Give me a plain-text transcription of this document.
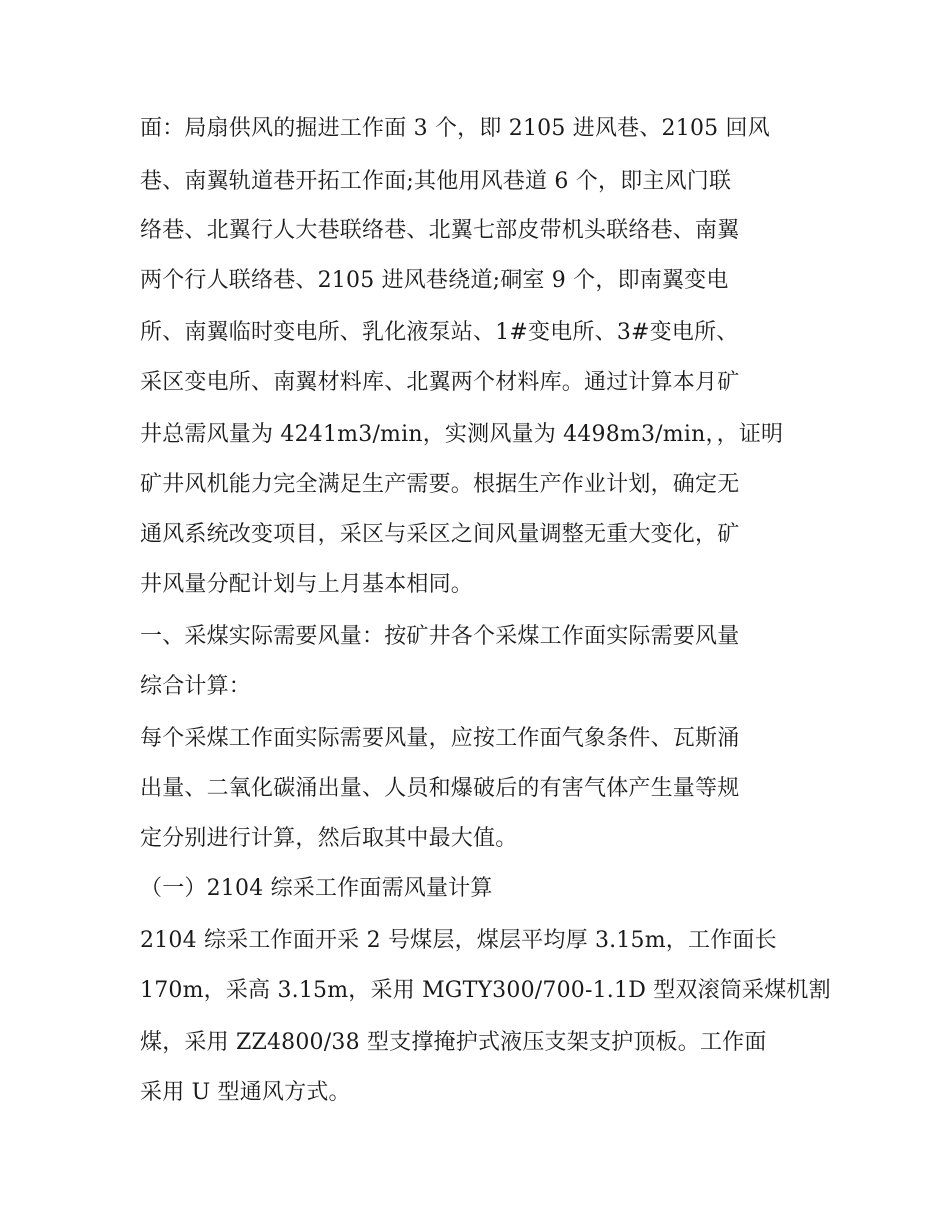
面：局扇供风的掘进工作面 3 个，即 2105 进风巷、2105 回风
巷、南翼轨道巷开拓工作面;其他用风巷道 6 个，即主风门联
络巷、北翼行人大巷联络巷、北翼七部皮带机头联络巷、南翼
两个行人联络巷、2105 进风巷绕道;硐室 9 个，即南翼变电
所、南翼临时变电所、乳化液泵站、1#变电所、3#变电所、
采区变电所、南翼材料库、北翼两个材料库。通过计算本月矿
井总需风量为 4241m3/min，实测风量为 4498m3/min，，证明
矿井风机能力完全满足生产需要。根据生产作业计划，确定无
通风系统改变项目，采区与采区之间风量调整无重大变化，矿
井风量分配计划与上月基本相同。
一、采煤实际需要风量：按矿井各个采煤工作面实际需要风量
综合计算：
每个采煤工作面实际需要风量，应按工作面气象条件、瓦斯涌
出量、二氧化碳涌出量、人员和爆破后的有害气体产生量等规
定分别进行计算，然后取其中最大值。
（一）2104 综采工作面需风量计算
2104 综采工作面开采 2 号煤层，煤层平均厚 3.15m，工作面长
170m，采高 3.15m，采用 MGTY300/700-1.1D 型双滚筒采煤机割
煤，采用 ZZ4800/38 型支撑掩护式液压支架支护顶板。工作面
采用 U 型通风方式。
